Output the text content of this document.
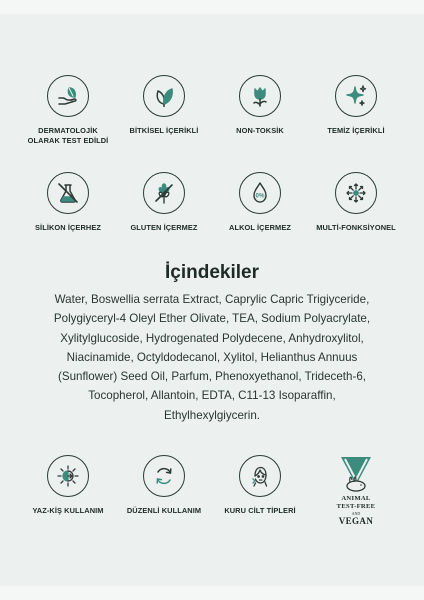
DERMATOLOJİK OLARAK TEST EDİLDİ
BİTKİSEL İÇERİKLİ	NON-TOKSİK	TEMİZ İÇERİKLİ
SİLİKON İÇERHEZ	GLUTEN İÇERMEZ
0%
ALKOL İÇERMEZ	MULTİ-FONKSİYONEL
İçindekiler
Water, Boswellia serrata Extract, Caprylic Capric Trigiyceride, Polygiyceryl-4 Oleyl Ether Olivate, TEA, Sodium Polyacrylate, Xylitylglucoside, Hydrogenated Polydecene, Anhydroxylitol, Niacinamide, Octyldodecanol, Xylitol, Helianthus Annuus (Sunflower) Seed Oil, Parfum, Phenoxyethanol, Trideceth-6, Tocopherol, Allantoin, EDTA, C11-13 Isoparaffin, Ethylhexylgiycerin.
YAZ-KİŞ KULLANIM	DÜZENLİ KULLANIM	KURU CİLT TİPLERİ
ANIMAL
TEST-FREE
AND
VEGAN
